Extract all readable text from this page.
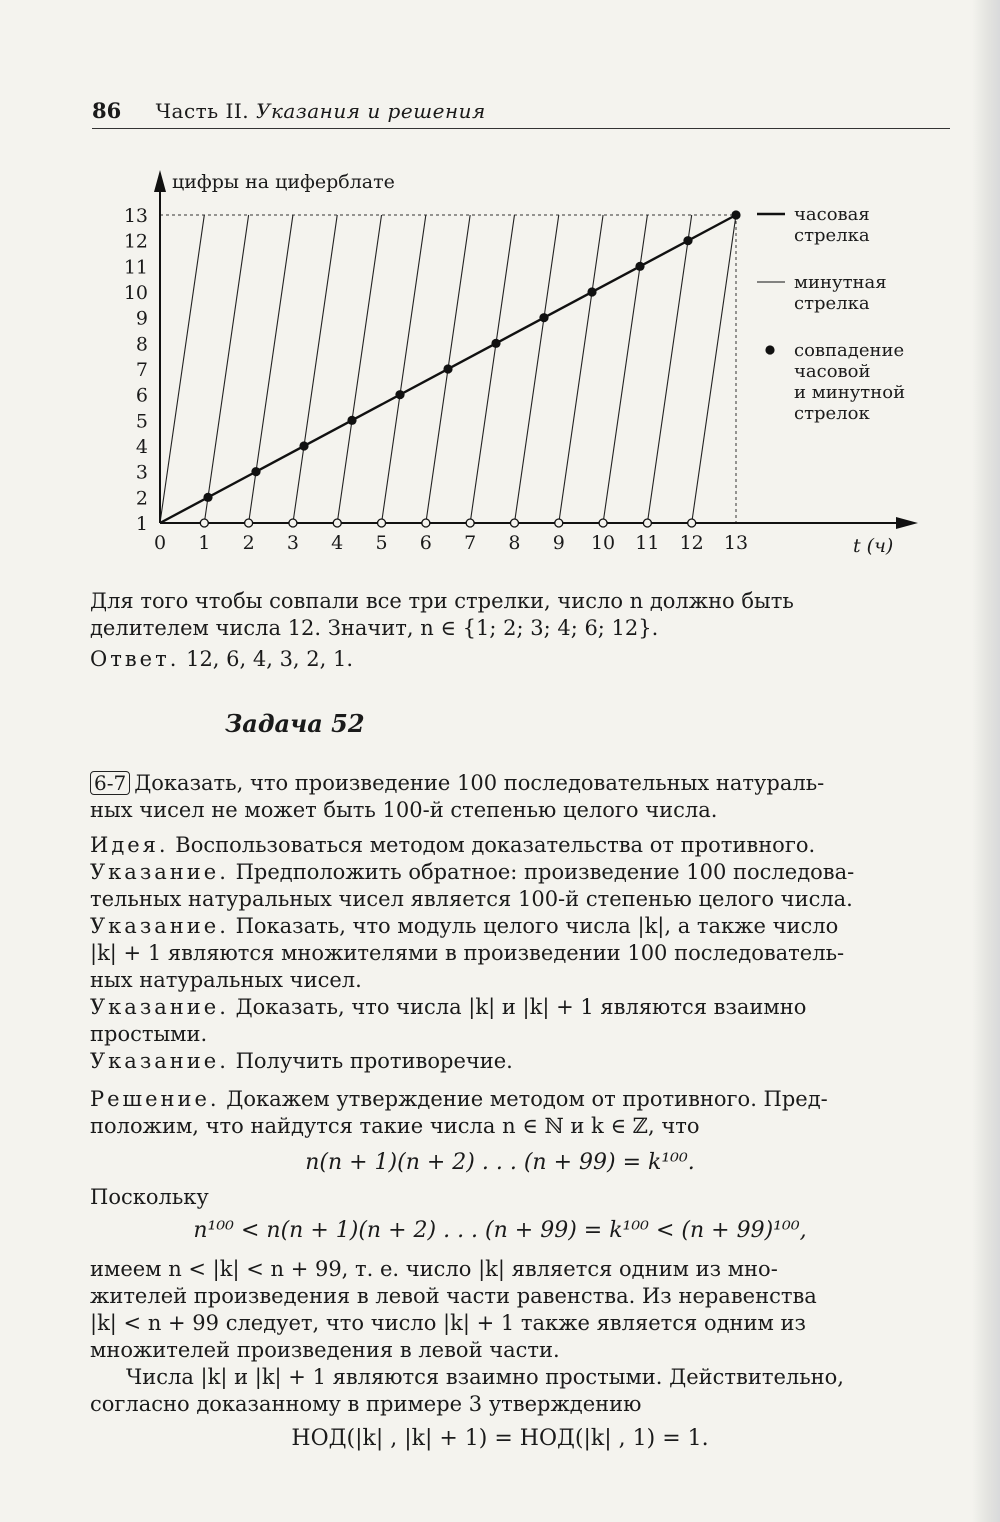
86 Часть II. Указания и решения
0 1 2 3 4 5 6 7 8 9 10 11 12 13
1
2
3
4
5
6
7
8
9
10
11
12
13
цифры на циферблате
t (ч)
часовая
стрелка
минутная
стрелка
совпадение
часовой
и минутной
стрелок
Для того чтобы совпали все три стрелки, число n должно быть
делителем числа 12. Значит, n ∈ {1; 2; 3; 4; 6; 12}.
Ответ. 12, 6, 4, 3, 2, 1.
Задача 52
6-7 Доказать, что произведение 100 последовательных натураль-
ных чисел не может быть 100-й степенью целого числа.
Идея. Воспользоваться методом доказательства от противного.
Указание. Предположить обратное: произведение 100 последова-
тельных натуральных чисел является 100-й степенью целого числа.
Указание. Показать, что модуль целого числа |k|, а также число
|k| + 1 являются множителями в произведении 100 последователь-
ных натуральных чисел.
Указание. Доказать, что числа |k| и |k| + 1 являются взаимно
простыми.
Указание. Получить противоречие.
Решение. Докажем утверждение методом от противного. Пред-
положим, что найдутся такие числа n ∈ ℕ и k ∈ ℤ, что
n(n + 1)(n + 2) . . . (n + 99) = k¹⁰⁰.
Поскольку
n¹⁰⁰ < n(n + 1)(n + 2) . . . (n + 99) = k¹⁰⁰ < (n + 99)¹⁰⁰,
имеем n < |k| < n + 99, т. е. число |k| является одним из мно-
жителей произведения в левой части равенства. Из неравенства
|k| < n + 99 следует, что число |k| + 1 также является одним из
множителей произведения в левой части.
Числа |k| и |k| + 1 являются взаимно простыми. Действительно,
согласно доказанному в примере 3 утверждению
НОД(|k| , |k| + 1) = НОД(|k| , 1) = 1.
